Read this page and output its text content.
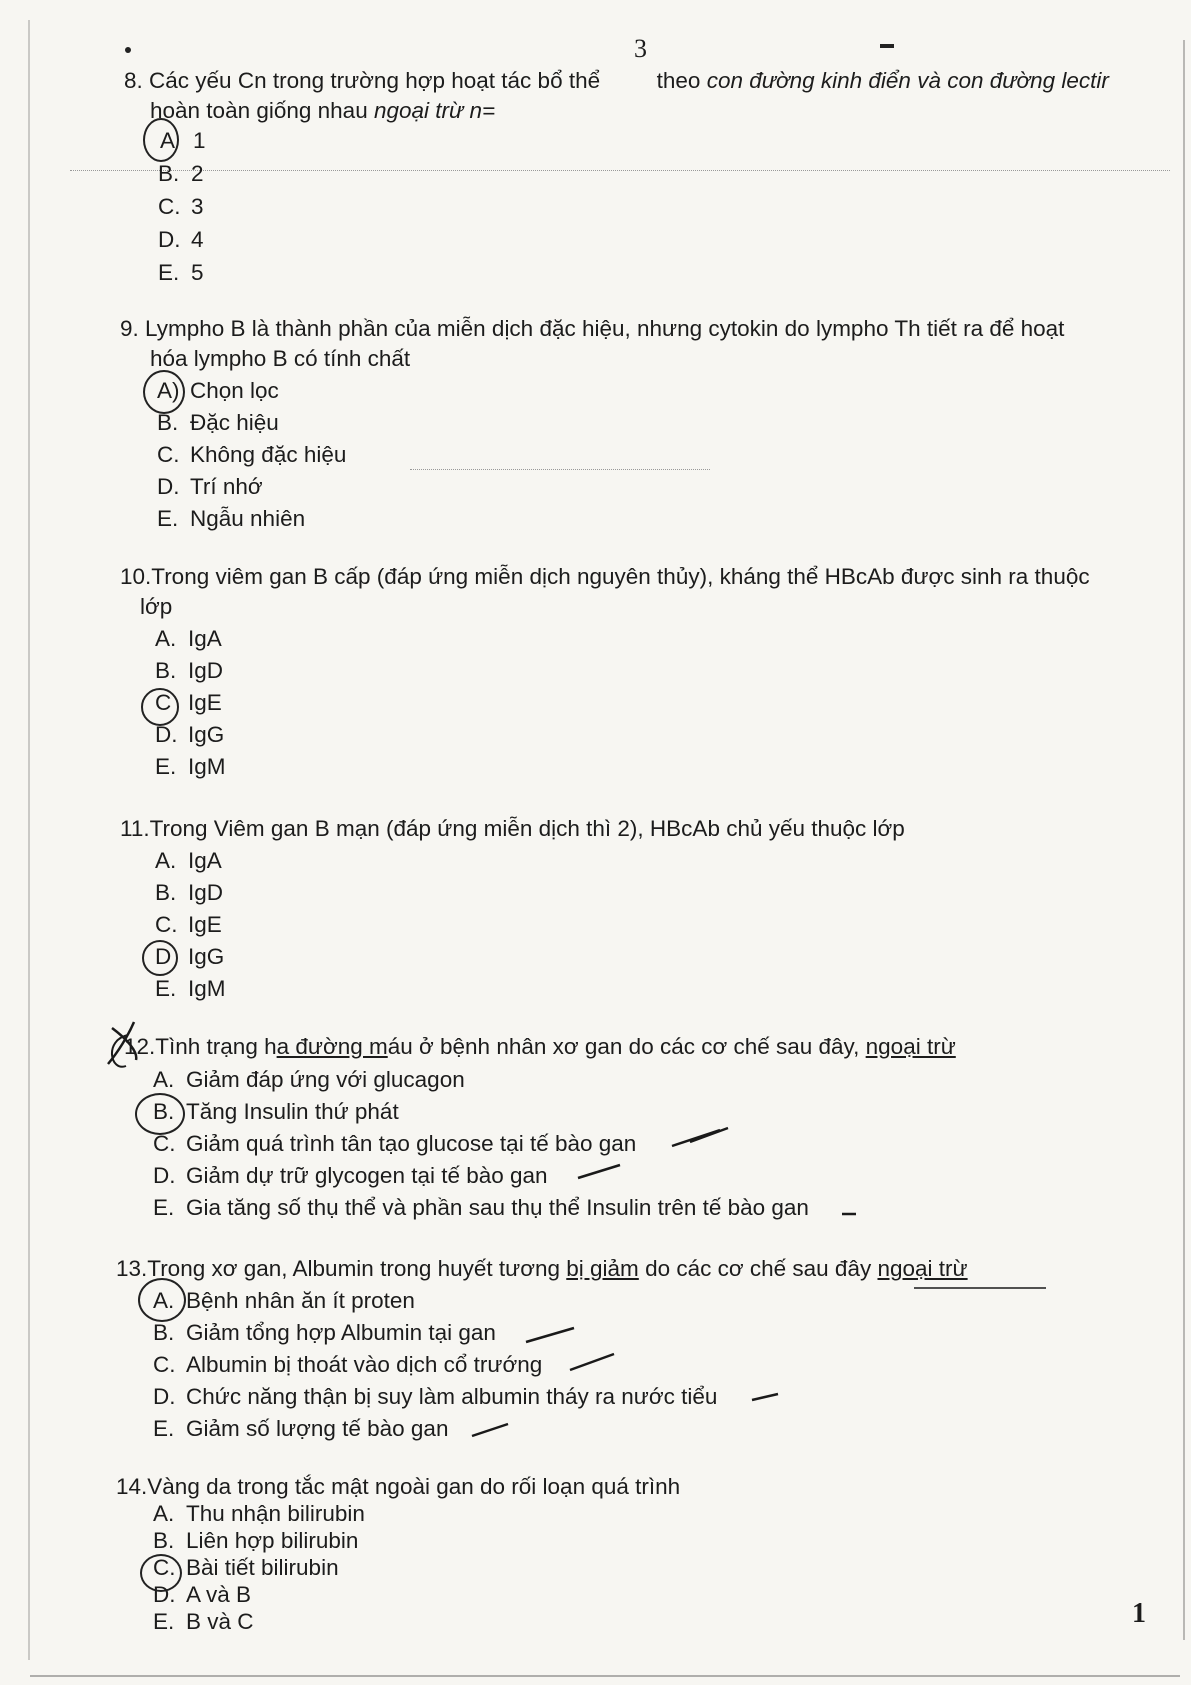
3
8. Các yếu Cn trong trường hợp hoạt tác bổ thể	theo con đường kinh điển và con đường lectir
hoàn toàn giống nhau ngoại trừ n=
A 1
B. 2
C. 3
D. 4
E. 5
9. Lympho B là thành phần của miễn dịch đặc hiệu, nhưng cytokin do lympho Th tiết ra để hoạt
hóa lympho B có tính chất
A) Chọn lọc
B. Đặc hiệu
C. Không đặc hiệu
D. Trí nhớ
E. Ngẫu nhiên
10.Trong viêm gan B cấp (đáp ứng miễn dịch nguyên thủy), kháng thể HBcAb được sinh ra thuộc
lớp
A. IgA
B. IgD
C IgE
D. IgG
E. IgM
11.Trong Viêm gan B mạn (đáp ứng miễn dịch thì 2), HBcAb chủ yếu thuộc lớp
A. IgA
B. IgD
C. IgE
D IgG
E. IgM
12.Tình trạng ha đường máu ở bệnh nhân xơ gan do các cơ chế sau đây, ngoại trừ
A. Giảm đáp ứng với glucagon
B. Tăng Insulin thứ phát
C. Giảm quá trình tân tạo glucose tại tế bào gan
D. Giảm dự trữ glycogen tại tế bào gan
E. Gia tăng số thụ thể và phần sau thụ thể Insulin trên tế bào gan
13.Trong xơ gan, Albumin trong huyết tương bị giảm do các cơ chế sau đây ngoại trừ
A. Bệnh nhân ăn ít proten
B. Giảm tổng hợp Albumin tại gan
C. Albumin bị thoát vào dịch cổ trướng
D. Chức năng thận bị suy làm albumin tháy ra nước tiểu
E. Giảm số lượng tế bào gan
14.Vàng da trong tắc mật ngoài gan do rối loạn quá trình
A. Thu nhận bilirubin
B. Liên hợp bilirubin
C. Bài tiết bilirubin
D. A và B
E. B và C	1
